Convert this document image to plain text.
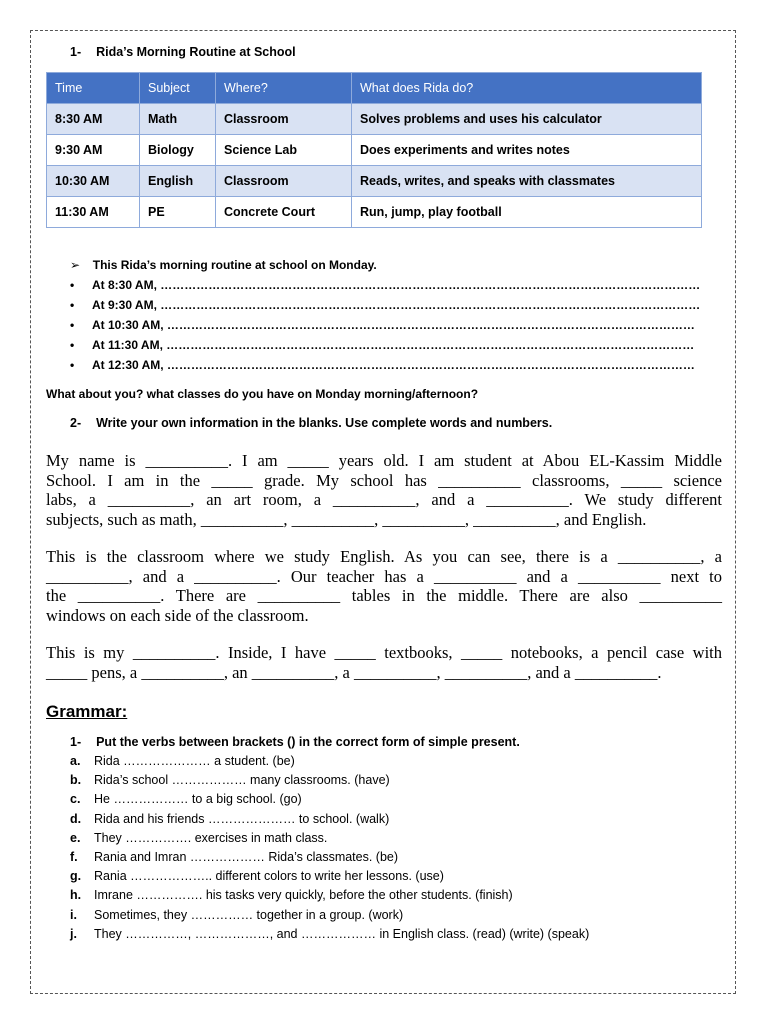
1- Rida’s Morning Routine at School
Time	Subject	Where?	What does Rida do?
8:30 AM	Math	Classroom	Solves problems and uses his calculator
9:30 AM	Biology	Science Lab	Does experiments and writes notes
10:30 AM	English	Classroom	Reads, writes, and speaks with classmates
11:30 AM	PE	Concrete Court	Run, jump, play football
➢ This Rida’s morning routine at school on Monday.
• At 8:30 AM, ………………………………………………………………………………………………………………………
• At 9:30 AM, ………………………………………………………………………………………………………………………
• At 10:30 AM, ……………………………………………………………………………………………………………………
• At 11:30 AM, ……………………………………………………………………………………………………………………
• At 12:30 AM, ……………………………………………………………………………………………………………………
What about you? what classes do you have on Monday morning/afternoon?
2- Write your own information in the blanks. Use complete words and numbers.

My name is __________. I am _____ years old. I am student at Abou EL-Kassim Middle

School. I am in the _____ grade. My school has __________ classrooms, _____ science

labs, a __________, an art room, a __________, and a __________. We study different

subjects, such as math, __________, __________, __________, __________, and English.

This is the classroom where we study English. As you can see, there is a __________, a

__________, and a __________. Our teacher has a __________ and a __________ next to

the __________. There are __________ tables in the middle. There are also __________

windows on each side of the classroom.

This is my __________. Inside, I have _____ textbooks, _____ notebooks, a pencil case with

_____ pens, a __________, an __________, a __________, __________, and a __________.

Grammar:
1- Put the verbs between brackets () in the correct form of simple present.
a. Rida ………………… a student. (be)
b. Rida’s school ……………… many classrooms. (have)
c. He ……………… to a big school. (go)
d. Rida and his friends ………………… to school. (walk)
e. They ……………. exercises in math class.
f. Rania and Imran ……………… Rida’s classmates. (be)
g. Rania ……………….. different colors to write her lessons. (use)
h. Imrane ……………. his tasks very quickly, before the other students. (finish)
i. Sometimes, they …………… together in a group. (work)
j. They ……………, ………………, and ……………… in English class. (read) (write) (speak)
